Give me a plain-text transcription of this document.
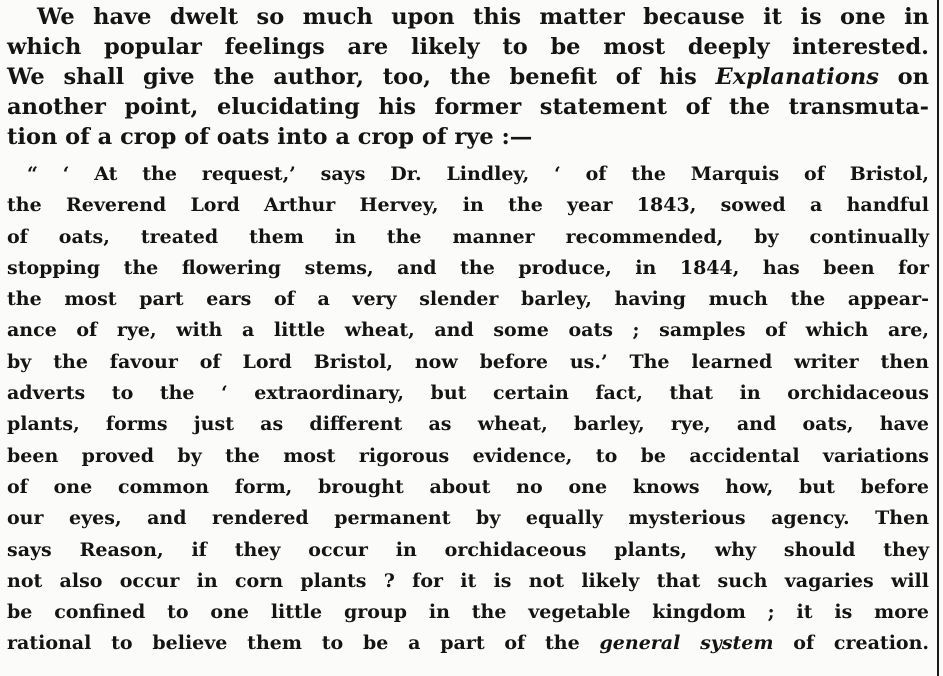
We have dwelt so much upon this matter because it is one in
which popular feelings are likely to be most deeply interested.
We shall give the author, too, the benefit of his Explanations on
another point, elucidating his former statement of the transmuta-
tion of a crop of oats into a crop of rye :—
“ ‘ At the request,’ says Dr. Lindley, ‘ of the Marquis of Bristol,
the Reverend Lord Arthur Hervey, in the year 1843, sowed a handful
of oats, treated them in the manner recommended, by continually
stopping the flowering stems, and the produce, in 1844, has been for
the most part ears of a very slender barley, having much the appear-
ance of rye, with a little wheat, and some oats ; samples of which are,
by the favour of Lord Bristol, now before us.’ The learned writer then
adverts to the ‘ extraordinary, but certain fact, that in orchidaceous
plants, forms just as different as wheat, barley, rye, and oats, have
been proved by the most rigorous evidence, to be accidental variations
of one common form, brought about no one knows how, but before
our eyes, and rendered permanent by equally mysterious agency. Then
says Reason, if they occur in orchidaceous plants, why should they
not also occur in corn plants ? for it is not likely that such vagaries will
be confined to one little group in the vegetable kingdom ; it is more
rational to believe them to be a part of the general system of creation.
